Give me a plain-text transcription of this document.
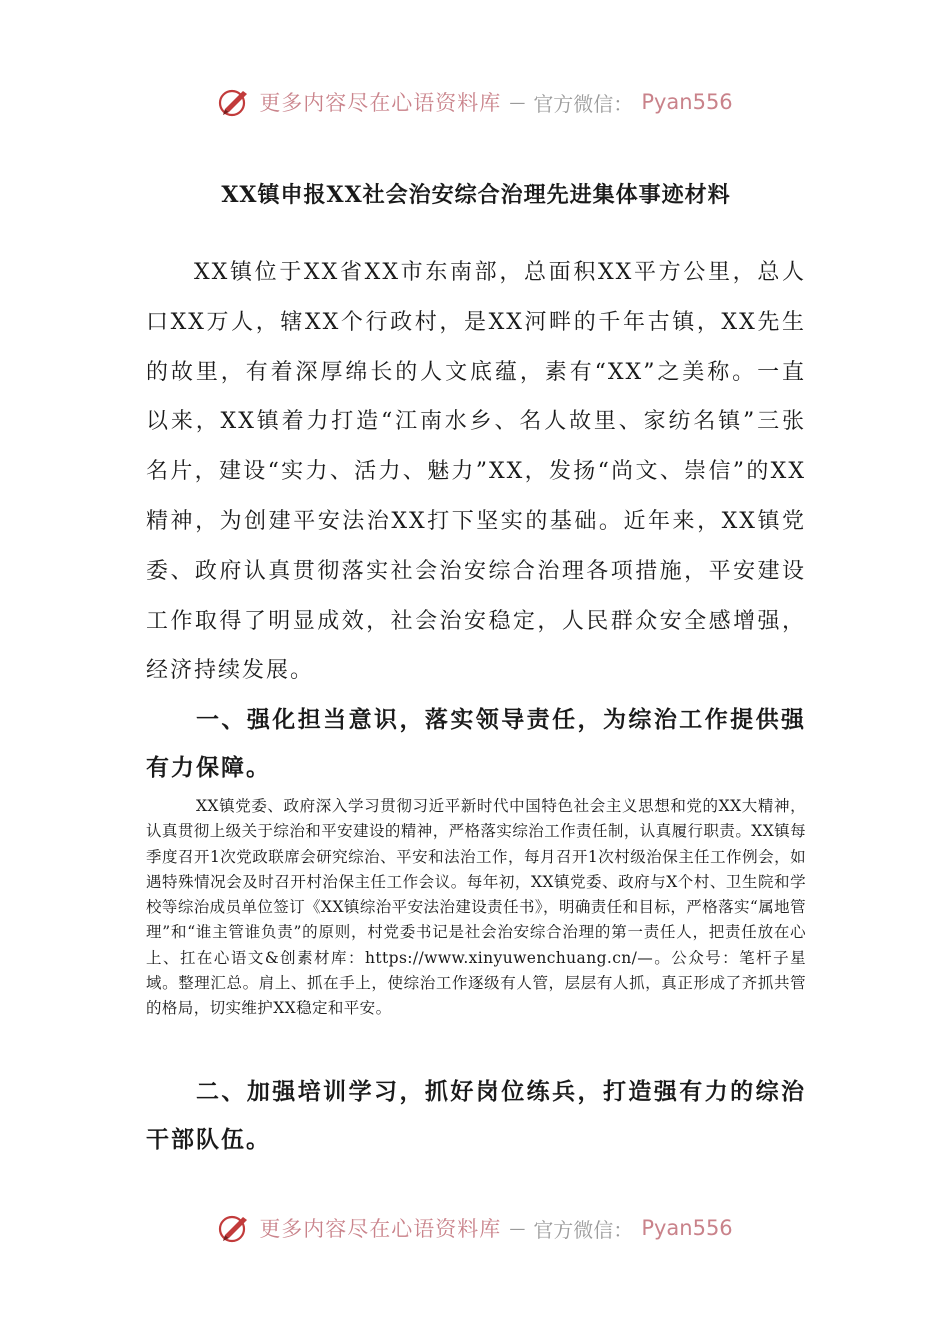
更多内容尽在心语资料库 — 官方微信： Pyan556
XX镇申报XX社会治安综合治理先进集体事迹材料

XX镇位于XX省XX市东南部，总面积XX平方公里，总人口XX万人，辖XX个行政村，是XX河畔的千年古镇，XX先生的故里，有着深厚绵长的人文底蕴，素有“XX”之美称。一直以来，XX镇着力打造“江南水乡、名人故里、家纺名镇”三张名片，建设“实力、活力、魅力”XX，发扬“尚文、崇信”的XX精神，为创建平安法治XX打下坚实的基础。近年来，XX镇党委、政府认真贯彻落实社会治安综合治理各项措施，平安建设工作取得了明显成效，社会治安稳定，人民群众安全感增强，经济持续发展。

一、强化担当意识，落实领导责任，为综治工作提供强有力保障。

XX镇党委、政府深入学习贯彻习近平新时代中国特色社会主义思想和党的XX大精神，认真贯彻上级关于综治和平安建设的精神，严格落实综治工作责任制，认真履行职责。XX镇每季度召开1次党政联席会研究综治、平安和法治工作，每月召开1次村级治保主任工作例会，如遇特殊情况会及时召开村治保主任工作会议。每年初，XX镇党委、政府与X个村、卫生院和学校等综治成员单位签订《XX镇综治平安法治建设责任书》，明确责任和目标，严格落实“属地管理”和“谁主管谁负责”的原则，村党委书记是社会治安综合治理的第一责任人，把责任放在心上、扛在心语文&创素材库：https://www.xinyuwenchuang.cn/—。公众号：笔杆子星域。整理汇总。肩上、抓在手上，使综治工作逐级有人管，层层有人抓，真正形成了齐抓共管的格局，切实维护XX稳定和平安。

二、加强培训学习，抓好岗位练兵，打造强有力的综治干部队伍。

更多内容尽在心语资料库 — 官方微信： Pyan556
